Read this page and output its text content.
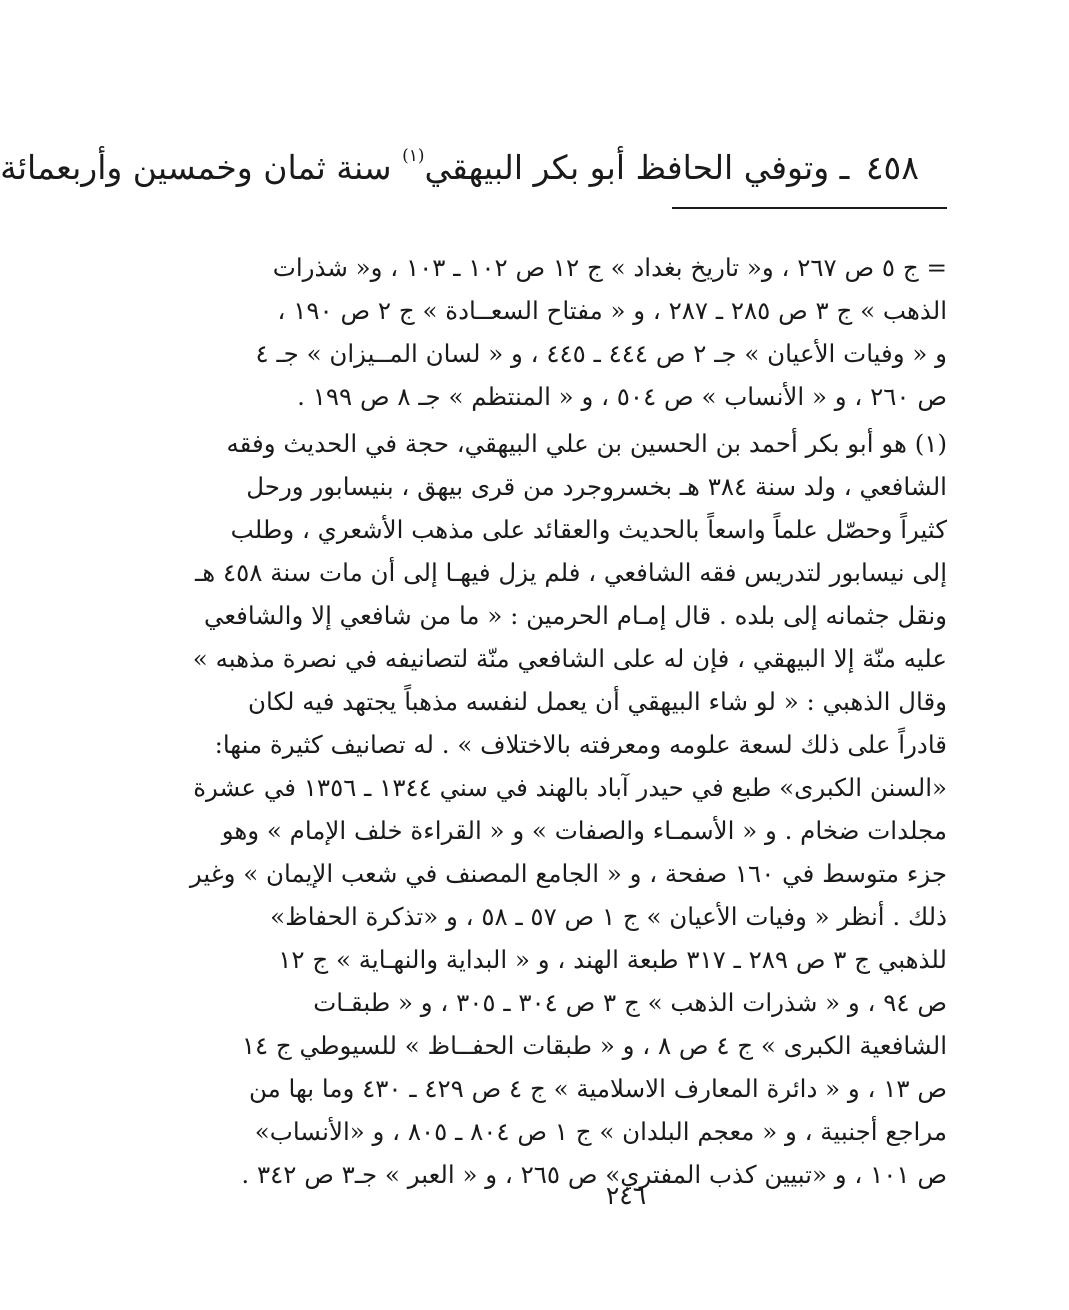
٤٥٨ ـ وتوفي الحافظ أبو بكر البيهقي$^{(١)}$ سنة ثمان وخمسين وأربعمائة
= ج ٥ ص ٢٦٧ ، و« تاريخ بغداد » ج ١٢ ص ١٠٢ ـ ١٠٣ ، و« شذرات
الذهب » ج ٣ ص ٢٨٥ ـ ٢٨٧ ، و « مفتاح السعــادة » ج ٢ ص ١٩٠ ،
و « وفيات الأعيان » جـ ٢ ص ٤٤٤ ـ ٤٤٥ ، و « لسان المــيزان » جـ ٤
ص ٢٦٠ ، و « الأنساب » ص ٥٠٤ ، و « المنتظم » جـ ٨ ص ١٩٩ .
(١) هو أبو بكر أحمد بن الحسين بن علي البيهقي، حجة في الحديث وفقه
الشافعي ، ولد سنة ٣٨٤ هـ بخسروجرد من قرى بيهق ، بنيسابور ورحل
كثيراً وحصّل علماً واسعاً بالحديث والعقائد على مذهب الأشعري ، وطلب
إلى نيسابور لتدريس فقه الشافعي ، فلم يزل فيهـا إلى أن مات سنة ٤٥٨ هـ
ونقل جثمانه إلى بلده . قال إمـام الحرمين : « ما من شافعي إلا والشافعي
عليه منّة إلا البيهقي ، فإن له على الشافعي منّة لتصانيفه في نصرة مذهبه »
وقال الذهبي : « لو شاء البيهقي أن يعمل لنفسه مذهباً يجتهد فيه لكان
قادراً على ذلك لسعة علومه ومعرفته بالاختلاف » . له تصانيف كثيرة منها:
«السنن الكبرى» طبع في حيدر آباد بالهند في سني ١٣٤٤ ـ ١٣٥٦ في عشرة
مجلدات ضخام . و « الأسمـاء والصفات » و « القراءة خلف الإمام » وهو
جزء متوسط في ١٦٠ صفحة ، و « الجامع المصنف في شعب الإيمان » وغير
ذلك . أنظر « وفيات الأعيان » ج ١ ص ٥٧ ـ ٥٨ ، و «تذكرة الحفاظ»
للذهبي ج ٣ ص ٢٨٩ ـ ٣١٧ طبعة الهند ، و « البداية والنهـاية » ج ١٢
ص ٩٤ ، و « شذرات الذهب » ج ٣ ص ٣٠٤ ـ ٣٠٥ ، و « طبقـات
الشافعية الكبرى » ج ٤ ص ٨ ، و « طبقات الحفــاظ » للسيوطي ج ١٤
ص ١٣ ، و « دائرة المعارف الاسلامية » ج ٤ ص ٤٢٩ ـ ٤٣٠ وما بها من
مراجع أجنبية ، و « معجم البلدان » ج ١ ص ٨٠٤ ـ ٨٠٥ ، و «الأنساب»
ص ١٠١ ، و «تبيين كذب المفتري» ص ٢٦٥ ، و « العبر » جـ٣ ص ٣٤٢ .
٢٤٦
